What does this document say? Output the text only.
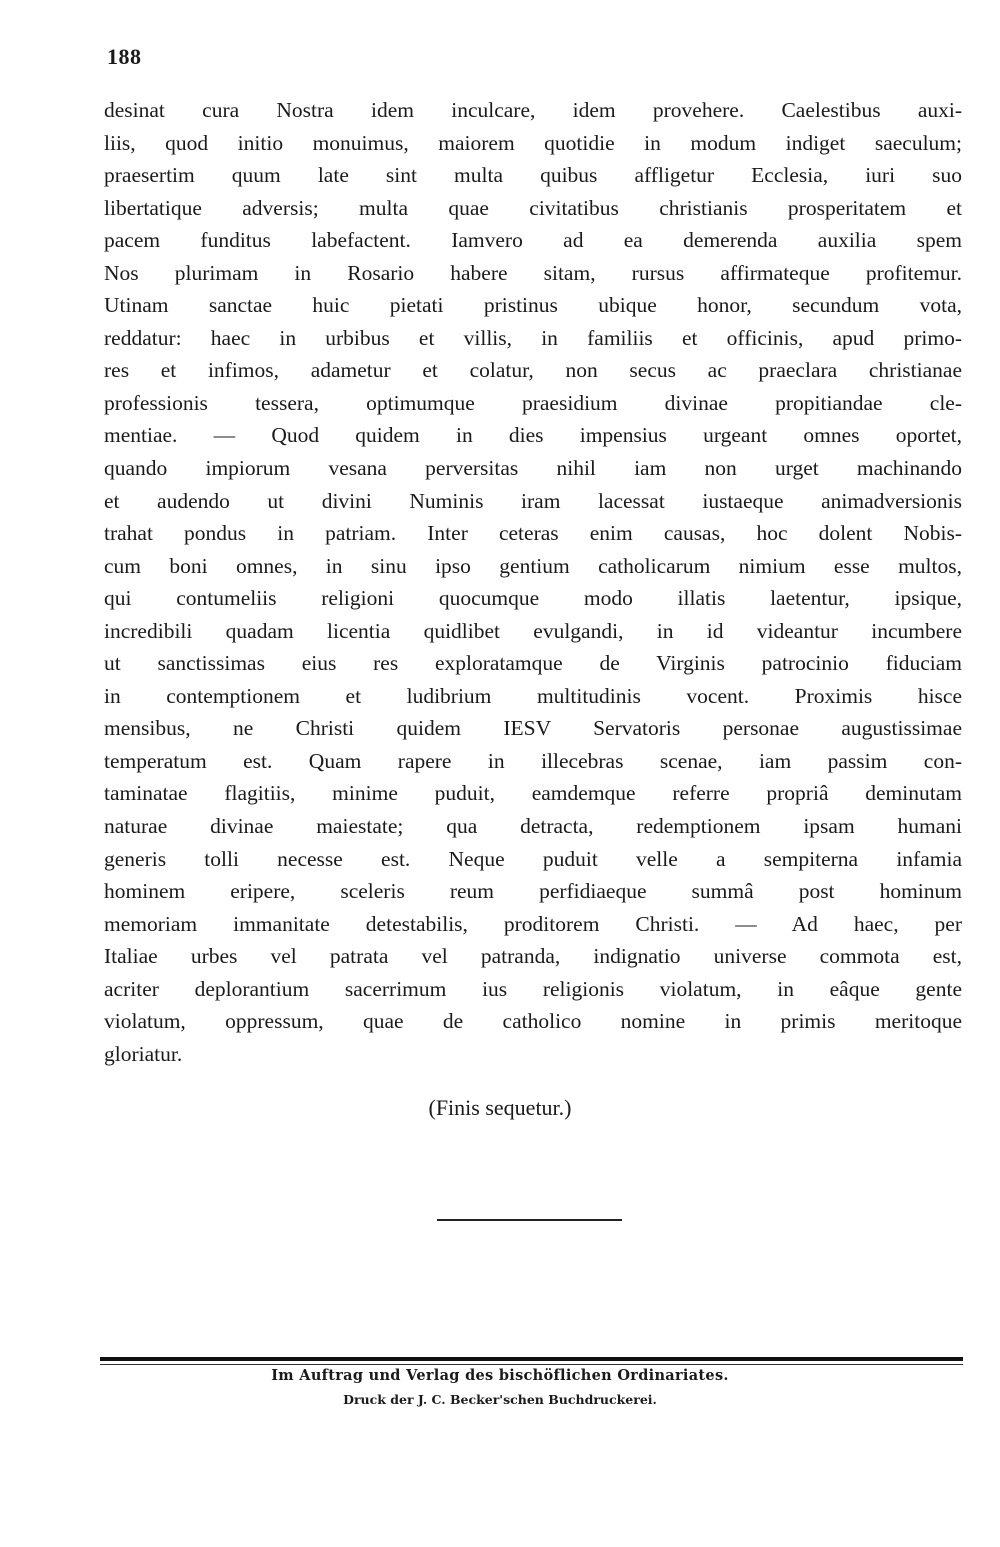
188
desinat cura Nostra idem inculcare, idem provehere. Caelestibus auxi-
liis, quod initio monuimus, maiorem quotidie in modum indiget saeculum;
praesertim quum late sint multa quibus affligetur Ecclesia, iuri suo
libertatique adversis; multa quae civitatibus christianis prosperitatem et
pacem funditus labefactent. Iamvero ad ea demerenda auxilia spem
Nos plurimam in Rosario habere sitam, rursus affirmateque profitemur.
Utinam sanctae huic pietati pristinus ubique honor, secundum vota,
reddatur: haec in urbibus et villis, in familiis et officinis, apud primo-
res et infimos, adametur et colatur, non secus ac praeclara christianae
professionis tessera, optimumque praesidium divinae propitiandae cle-
mentiae. — Quod quidem in dies impensius urgeant omnes oportet,
quando impiorum vesana perversitas nihil iam non urget machinando
et audendo ut divini Numinis iram lacessat iustaeque animadversionis
trahat pondus in patriam. Inter ceteras enim causas, hoc dolent Nobis-
cum boni omnes, in sinu ipso gentium catholicarum nimium esse multos,
qui contumeliis religioni quocumque modo illatis laetentur, ipsique,
incredibili quadam licentia quidlibet evulgandi, in id videantur incumbere
ut sanctissimas eius res exploratamque de Virginis patrocinio fiduciam
in contemptionem et ludibrium multitudinis vocent. Proximis hisce
mensibus, ne Christi quidem IESV Servatoris personae augustissimae
temperatum est. Quam rapere in illecebras scenae, iam passim con-
taminatae flagitiis, minime puduit, eamdemque referre propriâ deminutam
naturae divinae maiestate; qua detracta, redemptionem ipsam humani
generis tolli necesse est. Neque puduit velle a sempiterna infamia
hominem eripere, sceleris reum perfidiaeque summâ post hominum
memoriam immanitate detestabilis, proditorem Christi. — Ad haec, per
Italiae urbes vel patrata vel patranda, indignatio universe commota est,
acriter deplorantium sacerrimum ius religionis violatum, in eâque gente
violatum, oppressum, quae de catholico nomine in primis meritoque
gloriatur.
(Finis sequetur.)
Im Auftrag und Verlag des bischöflichen Ordinariates.
Druck der J. C. Becker'schen Buchdruckerei.
